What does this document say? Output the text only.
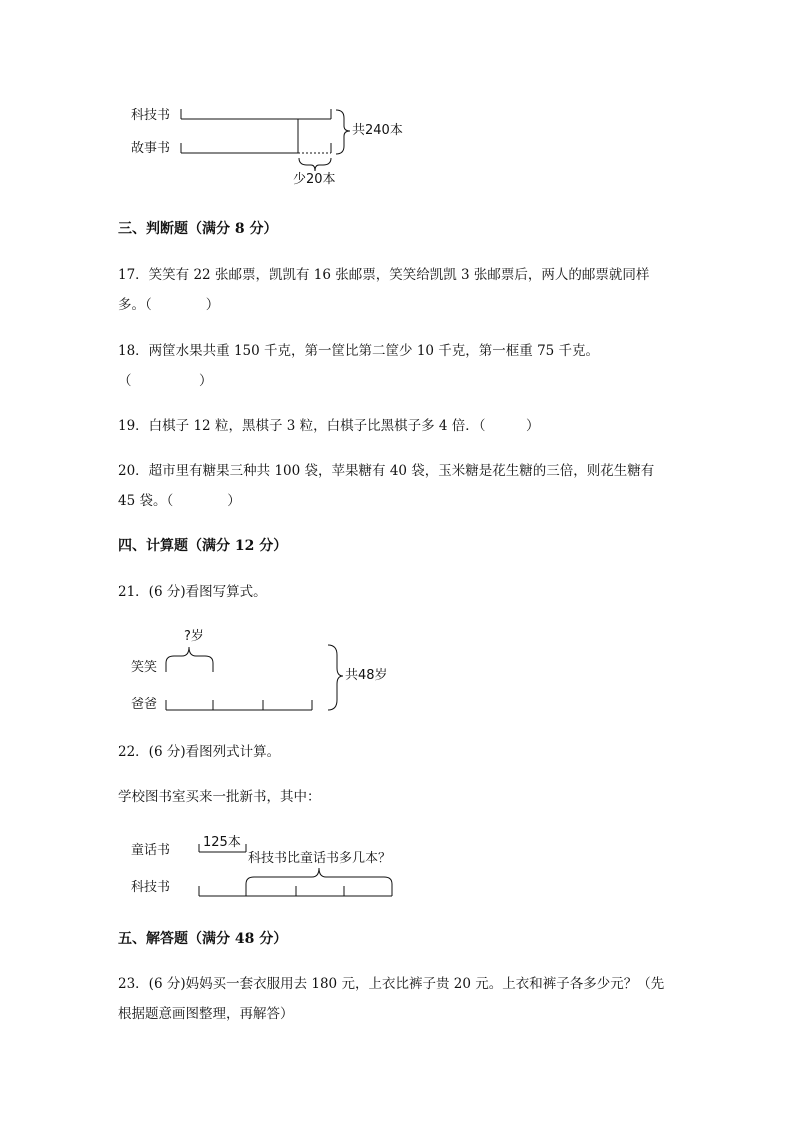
科技书
故事书
共240本
少20本
三、判断题（满分 8 分）
17．笑笑有 22 张邮票，凯凯有 16 张邮票，笑笑给凯凯 3 张邮票后，两人的邮票就同样
多。（　　　　）
18．两筐水果共重 150 千克，第一筐比第二筐少 10 千克，第一框重 75 千克。
（　　　　　）
19．白棋子 12 粒，黑棋子 3 粒，白棋子比黑棋子多 4 倍．（　　　）
20．超市里有糖果三种共 100 袋，苹果糖有 40 袋，玉米糖是花生糖的三倍，则花生糖有
45 袋。（　　　　）
四、计算题（满分 12 分）
21．(6 分)看图写算式。
?岁
笑笑
爸爸
共48岁
22．(6 分)看图列式计算。
学校图书室买来一批新书，其中：
童话书
科技书
125本
科技书比童话书多几本？
五、解答题（满分 48 分）
23．(6 分)妈妈买一套衣服用去 180 元，上衣比裤子贵 20 元。上衣和裤子各多少元？（先
根据题意画图整理，再解答）
